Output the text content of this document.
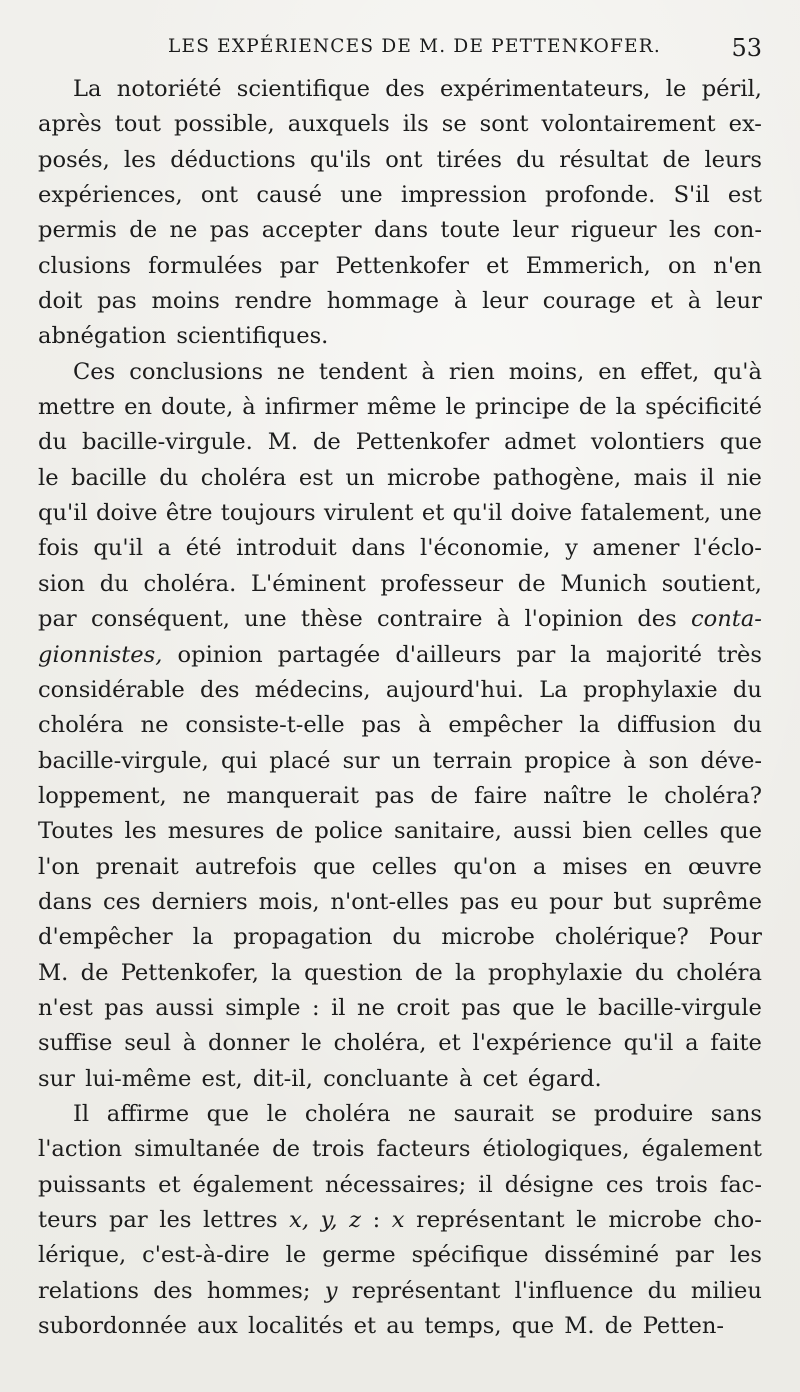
LES EXPÉRIENCES DE M. DE PETTENKOFER.	53
La notoriété scientifique des expérimentateurs, le péril,
après tout possible, auxquels ils se sont volontairement ex-
posés, les déductions qu'ils ont tirées du résultat de leurs
expériences, ont causé une impression profonde. S'il est
permis de ne pas accepter dans toute leur rigueur les con-
clusions formulées par Pettenkofer et Emmerich, on n'en
doit pas moins rendre hommage à leur courage et à leur
abnégation scientifiques.
Ces conclusions ne tendent à rien moins, en effet, qu'à
mettre en doute, à infirmer même le principe de la spécificité
du bacille-virgule. M. de Pettenkofer admet volontiers que
le bacille du choléra est un microbe pathogène, mais il nie
qu'il doive être toujours virulent et qu'il doive fatalement, une
fois qu'il a été introduit dans l'économie, y amener l'éclo-
sion du choléra. L'éminent professeur de Munich soutient,
par conséquent, une thèse contraire à l'opinion des conta-
gionnistes, opinion partagée d'ailleurs par la majorité très
considérable des médecins, aujourd'hui. La prophylaxie du
choléra ne consiste-t-elle pas à empêcher la diffusion du
bacille-virgule, qui placé sur un terrain propice à son déve-
loppement, ne manquerait pas de faire naître le choléra?
Toutes les mesures de police sanitaire, aussi bien celles que
l'on prenait autrefois que celles qu'on a mises en œuvre
dans ces derniers mois, n'ont-elles pas eu pour but suprême
d'empêcher la propagation du microbe cholérique? Pour
M. de Pettenkofer, la question de la prophylaxie du choléra
n'est pas aussi simple : il ne croit pas que le bacille-virgule
suffise seul à donner le choléra, et l'expérience qu'il a faite
sur lui-même est, dit-il, concluante à cet égard.
Il affirme que le choléra ne saurait se produire sans
l'action simultanée de trois facteurs étiologiques, également
puissants et également nécessaires; il désigne ces trois fac-
teurs par les lettres x, y, z : x représentant le microbe cho-
lérique, c'est-à-dire le germe spécifique disséminé par les
relations des hommes; y représentant l'influence du milieu
subordonnée aux localités et au temps, que M. de Petten-
